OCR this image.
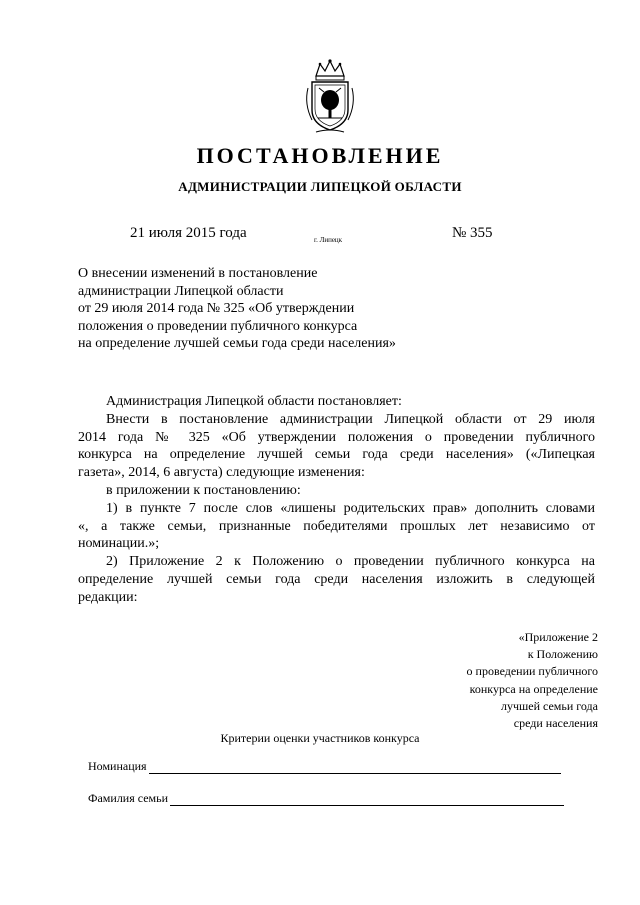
ПОСТАНОВЛЕНИЕ
АДМИНИСТРАЦИИ ЛИПЕЦКОЙ ОБЛАСТИ
21 июля 2015 года	г. Липецк	№ 355
О внесении изменений в постановление
администрации Липецкой области
от 29 июля 2014 года № 325 «Об утверждении
положения о проведении публичного конкурса
на определение лучшей семьи года среди населения»
Администрация Липецкой области постановляет:
Внести в постановление администрации Липецкой области от 29 июля
2014 года № 325 «Об утверждении положения о проведении публичного
конкурса на определение лучшей семьи года среди населения» («Липецкая
газета», 2014, 6 августа) следующие изменения:
в приложении к постановлению:
1) в пункте 7 после слов «лишены родительских прав» дополнить словами
«, а также семьи, признанные победителями прошлых лет независимо от
номинации.»;
2) Приложение 2 к Положению о проведении публичного конкурса на
определение лучшей семьи года среди населения изложить в следующей
редакции:
«Приложение 2
к Положению
о проведении публичного
конкурса на определение
лучшей семьи года
среди населения
Критерии оценки участников конкурса
Номинация
Фамилия семьи
